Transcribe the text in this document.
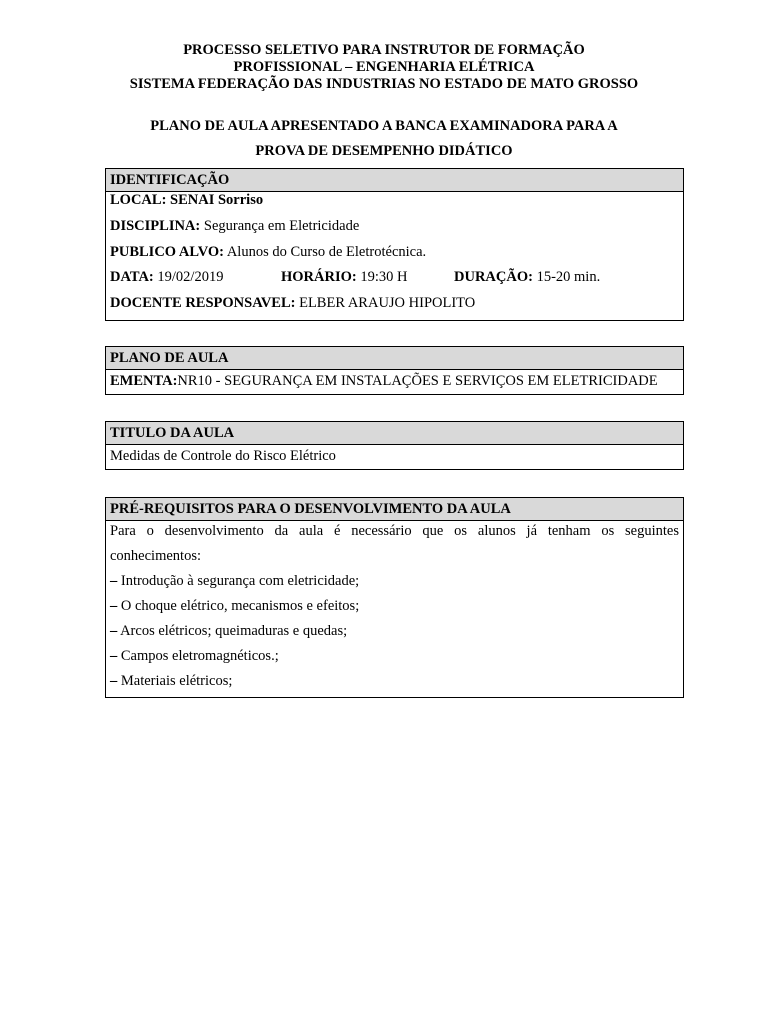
PROCESSO SELETIVO PARA INSTRUTOR DE FORMAÇÃO
PROFISSIONAL – ENGENHARIA ELÉTRICA
SISTEMA FEDERAÇÃO DAS INDUSTRIAS NO ESTADO DE MATO GROSSO
PLANO DE AULA APRESENTADO A BANCA EXAMINADORA PARA A
PROVA DE DESEMPENHO DIDÁTICO
IDENTIFICAÇÃO
LOCAL: SENAI Sorriso
DISCIPLINA: Segurança em Eletricidade
PUBLICO ALVO: Alunos do Curso de Eletrotécnica.
DATA: 19/02/2019	HORÁRIO: 19:30 H	DURAÇÃO: 15-20 min.
DOCENTE RESPONSAVEL: ELBER ARAUJO HIPOLITO
PLANO DE AULA
EMENTA:NR10 - SEGURANÇA EM INSTALAÇÕES E SERVIÇOS EM ELETRICIDADE
TITULO DA AULA
Medidas de Controle do Risco Elétrico
PRÉ-REQUISITOS PARA O DESENVOLVIMENTO DA AULA
Para o desenvolvimento da aula é necessário que os alunos já tenham os seguintes
conhecimentos:
– Introdução à segurança com eletricidade;
– O choque elétrico, mecanismos e efeitos;
– Arcos elétricos; queimaduras e quedas;
– Campos eletromagnéticos.;
– Materiais elétricos;
